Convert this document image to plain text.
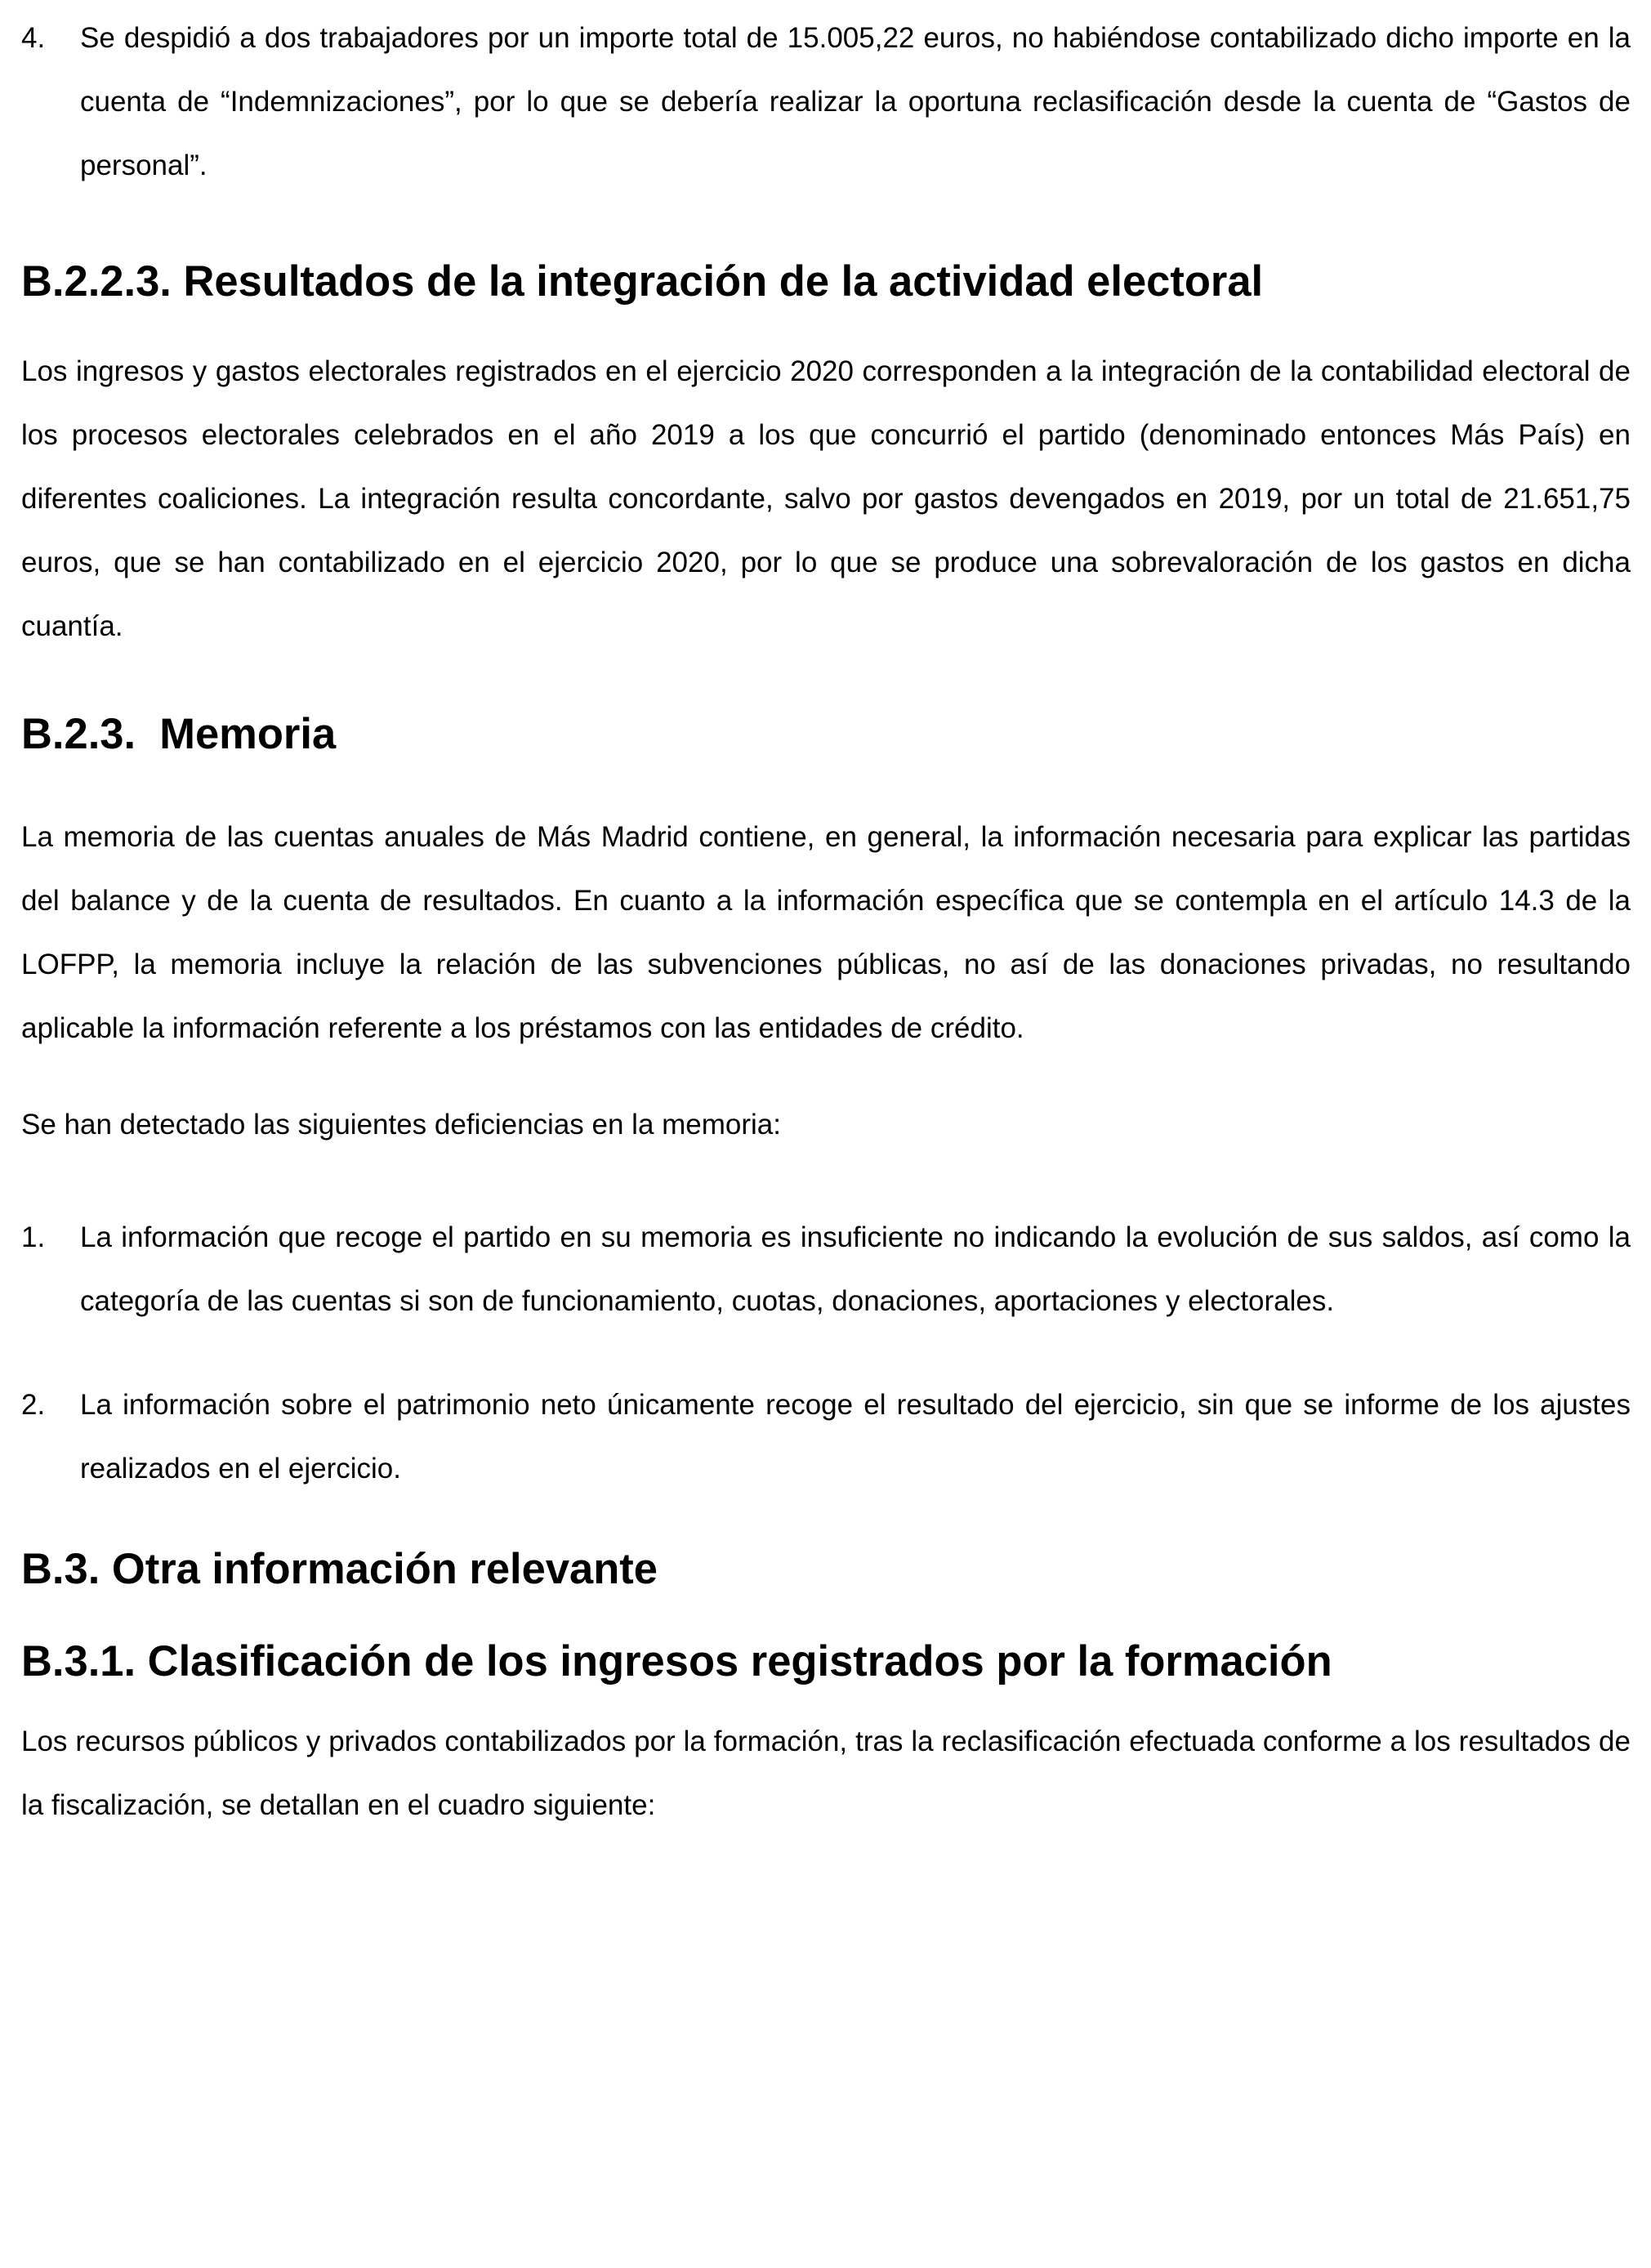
4.	Se despidió a dos trabajadores por un importe total de 15.005,22 euros, no habiéndose contabilizado dicho importe en la cuenta de “Indemnizaciones”, por lo que se debería realizar la oportuna reclasificación desde la cuenta de “Gastos de personal”.
B.2.2.3. Resultados de la integración de la actividad electoral

Los ingresos y gastos electorales registrados en el ejercicio 2020 corresponden a la integración de la contabilidad electoral de los procesos electorales celebrados en el año 2019 a los que concurrió el partido (denominado entonces Más País) en diferentes coaliciones. La integración resulta concordante, salvo por gastos devengados en 2019, por un total de 21.651,75 euros, que se han contabilizado en el ejercicio 2020, por lo que se produce una sobrevaloración de los gastos en dicha cuantía.

B.2.3.  Memoria

La memoria de las cuentas anuales de Más Madrid contiene, en general, la información necesaria para explicar las partidas del balance y de la cuenta de resultados. En cuanto a la información específica que se contempla en el artículo 14.3 de la LOFPP, la memoria incluye la relación de las subvenciones públicas, no así de las donaciones privadas, no resultando aplicable la información referente a los préstamos con las entidades de crédito.

Se han detectado las siguientes deficiencias en la memoria:

1.	La información que recoge el partido en su memoria es insuficiente no indicando la evolución de sus saldos, así como la categoría de las cuentas si son de funcionamiento, cuotas, donaciones, aportaciones y electorales.
2.	La información sobre el patrimonio neto únicamente recoge el resultado del ejercicio, sin que se informe de los ajustes realizados en el ejercicio.
B.3. Otra información relevante
B.3.1. Clasificación de los ingresos registrados por la formación

Los recursos públicos y privados contabilizados por la formación, tras la reclasificación efectuada conforme a los resultados de la fiscalización, se detallan en el cuadro siguiente:
